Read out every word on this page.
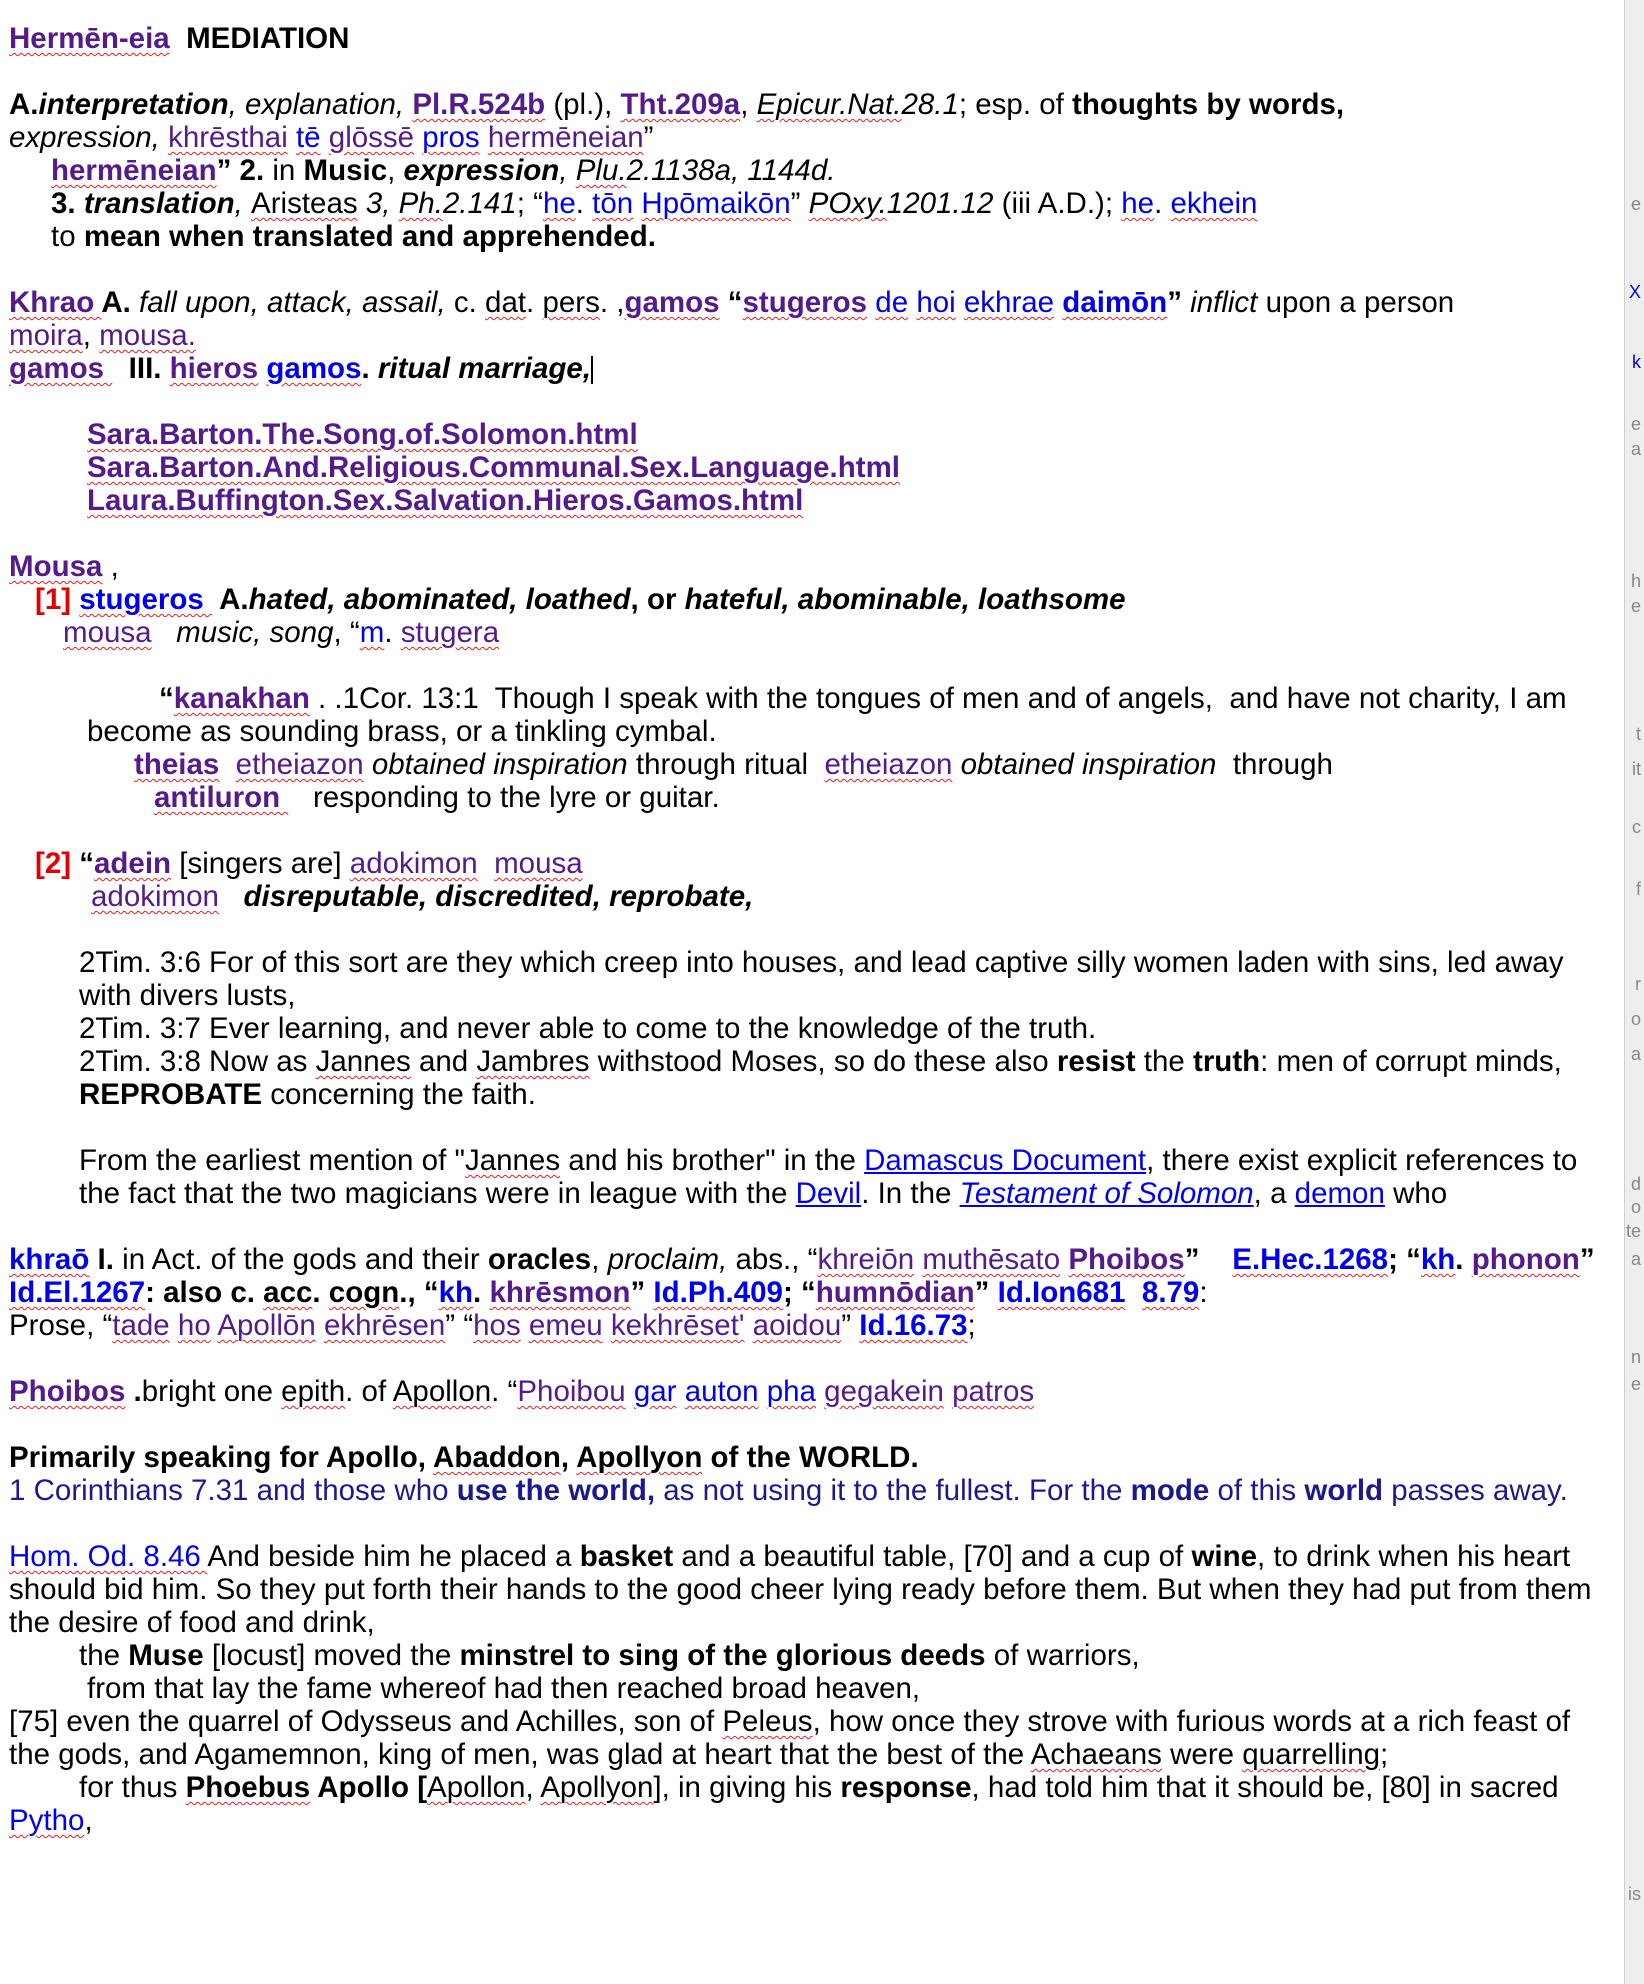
Hermēn-eia  MEDIATION

A.interpretation, explanation, Pl.R.524b (pl.), Tht.209a, Epicur.Nat.28.1; esp. of thoughts by words,

expression, khrēsthai tē glōssē pros hermēneian”

hermēneian” 2. in Music, expression, Plu.2.1138a, 1144d.

3. translation, Aristeas 3, Ph.2.141; “he. tōn Hpōmaikōn” POxy.1201.12 (iii A.D.); he. ekhein

to mean when translated and apprehended.

Khrao A. fall upon, attack, assail, c. dat. pers. ,gamos “stugeros de hoi ekhrae daimōn” inflict upon a person

moira, mousa.

gamos   III. hieros gamos. ritual marriage,

Sara.Barton.The.Song.of.Solomon.html

Sara.Barton.And.Religious.Communal.Sex.Language.html

Laura.Buffington.Sex.Salvation.Hieros.Gamos.html

Mousa ,

[1] stugeros  A.hated, abominated, loathed, or hateful, abominable, loathsome

mousa   music, song, “m. stugera

“kanakhan . .1Cor. 13:1  Though I speak with the tongues of men and of angels,  and have not charity, I am become as sounding brass, or a tinkling cymbal.

theias etheiazon obtained inspiration through ritual  etheiazon obtained inspiration  through

antiluron    responding to the lyre or guitar.

[2] “adein [singers are] adokimon mousa

adokimon disreputable, discredited, reprobate,

2Tim. 3:6 For of this sort are they which creep into houses, and lead captive silly women laden with sins, led away with divers lusts,

2Tim. 3:7 Ever learning, and never able to come to the knowledge of the truth.

2Tim. 3:8 Now as Jannes and Jambres withstood Moses, so do these also resist the truth: men of corrupt minds, REPROBATE concerning the faith.

From the earliest mention of "Jannes and his brother" in the Damascus Document, there exist explicit references to the fact that the two magicians were in league with the Devil. In the Testament of Solomon, a demon who

khraō I. in Act. of the gods and their oracles, proclaim, abs., “khreiōn muthēsato Phoibos”    E.Hec.1268; “kh. phonon” Id.El.1267: also c. acc. cogn., “kh. khrēsmon” Id.Ph.409; “humnōdian” Id.Ion681 8.79:

Prose, “tade ho Apollōn ekhrēsen” “hos emeu kekhrēset' aoidou” Id.16.73;

Phoibos .bright one epith. of Apollon. “Phoibou gar auton pha gegakein patros

Primarily speaking for Apollo, Abaddon, Apollyon of the WORLD.

1 Corinthians 7.31 and those who use the world, as not using it to the fullest. For the mode of this world passes away.

Hom. Od. 8.46 And beside him he placed a basket and a beautiful table, [70] and a cup of wine, to drink when his heart should bid him. So they put forth their hands to the good cheer lying ready before them. But when they had put from them the desire of food and drink,

the Muse [locust] moved the minstrel to sing of the glorious deeds of warriors,

from that lay the fame whereof had then reached broad heaven,

[75] even the quarrel of Odysseus and Achilles, son of Peleus, how once they strove with furious words at a rich feast of the gods, and Agamemnon, king of men, was glad at heart that the best of the Achaeans were quarrelling;

for thus Phoebus Apollo [Apollon, Apollyon], in giving his response, had told him that it should be, [80] in sacred Pytho,

e
X
k
e
a
h
e
t
it
c
f
r
o
a
d
o
te
a
n
e
is
